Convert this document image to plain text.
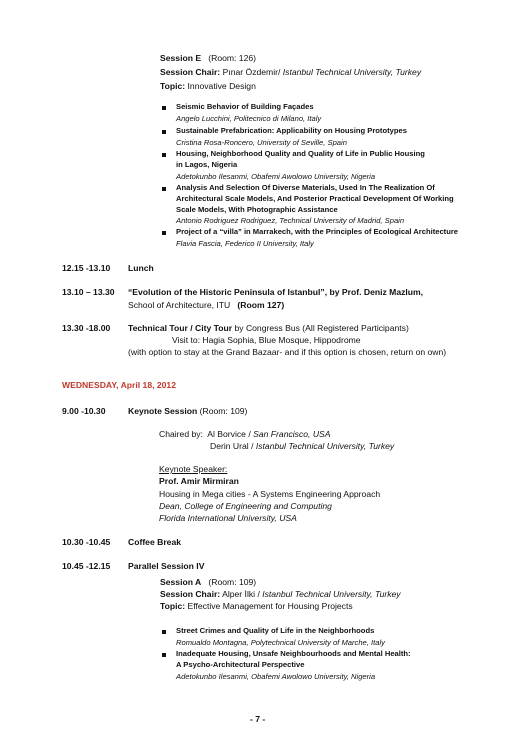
Session E (Room: 126)
Session Chair: Pınar Özdemir/ Istanbul Technical University, Turkey
Topic: Innovative Design
Seismic Behavior of Building Façades
Angelo Lucchini, Politecnico di Milano, Italy
Sustainable Prefabrication: Applicability on Housing Prototypes
Cristina Rosa-Roncero, University of Seville, Spain
Housing, Neighborhood Quality and Quality of Life in Public Housing
in Lagos, Nigeria
Adetokunbo Ilesanmi, Obafemi Awolowo University, Nigeria
Analysis And Selection Of Diverse Materials, Used In The Realization Of
Architectural Scale Models, And Posterior Practical Development Of Working
Scale Models, With Photographic Assistance
Antonio Rodriguez Rodriguez, Technical University of Madrid, Spain
Project of a “villa” in Marrakech, with the Principles of Ecological Architecture
Flavia Fascia, Federico II University, Italy
12.15 -13.10 Lunch
13.10 – 13.30 “Evolution of the Historic Peninsula of Istanbul”, by Prof. Deniz Mazlum,
School of Architecture, ITU (Room 127)
13.30 -18.00 Technical Tour / City Tour by Congress Bus (All Registered Participants)
Visit to: Hagia Sophia, Blue Mosque, Hippodrome
(with option to stay at the Grand Bazaar- and if this option is chosen, return on own)
WEDNESDAY, April 18, 2012
9.00 -10.30	Keynote Session (Room: 109)
Chaired by: Al Borvice / San Francisco, USA
Derin Ural / Istanbul Technical University, Turkey
Keynote Speaker:
Prof. Amir Mirmiran
Housing in Mega cities - A Systems Engineering Approach
Dean, College of Engineering and Computing
Florida International University, USA
10.30 -10.45 Coffee Break
10.45 -12.15 Parallel Session IV
Session A (Room: 109)
Session Chair: Alper İlki / Istanbul Technical University, Turkey
Topic: Effective Management for Housing Projects
Street Crimes and Quality of Life in the Neighborhoods
Romualdo Montagna, Polytechnical University of Marche, Italy
Inadequate Housing, Unsafe Neighbourhoods and Mental Health:
A Psycho-Architectural Perspective
Adetokunbo Ilesanmi, Obafemi Awolowo University, Nigeria
- 7 -
